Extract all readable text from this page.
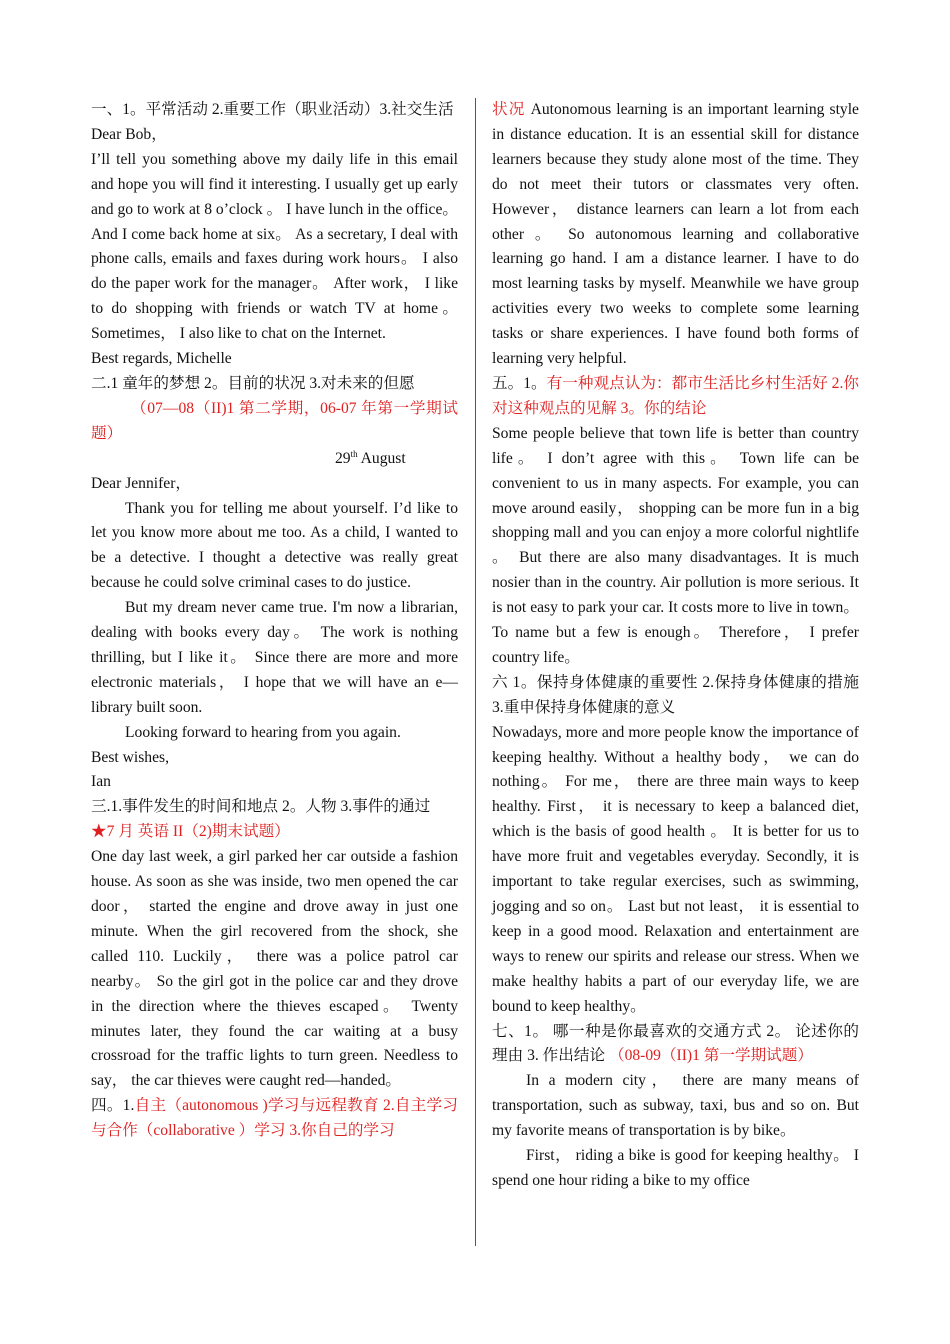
一、1。平常活动 2.重要工作（职业活动）3.社交生活

Dear Bob，

I’ll tell you something above my daily life in this email and hope you will find it interesting. I usually get up early and go to work at 8 o’clock 。 I have lunch in the office。 And I come back home at six。 As a secretary, I deal with phone calls, emails and faxes during work hours。 I also do the paper work for the manager。 After work， I like to do shopping with friends or watch TV at home。 Sometimes， I also like to chat on the Internet.

Best regards, Michelle

二.1 童年的梦想 2。目前的状况 3.对未来的但愿

（07—08（II)1 第二学期，06-07 年第一学期试题）

29th August

Dear Jennifer，

Thank you for telling me about yourself. I’d like to let you know more about me too. As a child, I wanted to be a detective. I thought a detective was really great because he could solve criminal cases to do justice.

But my dream never came true. I'm now a librarian, dealing with books every day。 The work is nothing thrilling, but I like it。 Since there are more and more electronic materials， I hope that we will have an e—library built soon.

Looking forward to hearing from you again.

Best wishes,

Ian

三.1.事件发生的时间和地点 2。人物 3.事件的通过

★7 月 英语 II（2)期末试题）

One day last week, a girl parked her car outside a fashion house. As soon as she was inside, two men opened the car door， started the engine and drove away in just one minute. When the girl recovered from the shock, she called 110. Luckily， there was a police patrol car nearby。 So the girl got in the police car and they drove in the direction where the thieves escaped。 Twenty minutes later, they found the car waiting at a busy crossroad for the traffic lights to turn green. Needless to say， the car thieves were caught red—handed。

四。1.自主（autonomous )学习与远程教育 2.自主学习与合作（collaborative ）学习 3.你自己的学习

状况 Autonomous learning is an important learning style in distance education. It is an essential skill for distance learners because they study alone most of the time. They do not meet their tutors or classmates very often. However， distance learners can learn a lot from each other 。 So autonomous learning and collaborative learning go hand. I am a distance learner. I have to do most learning tasks by myself. Meanwhile we have group activities every two weeks to complete some learning tasks or share experiences. I have found both forms of learning very helpful.

五。1。有一种观点认为：都市生活比乡村生活好 2.你对这种观点的见解 3。你的结论

Some people believe that town life is better than country life。 I don’t agree with this。 Town life can be convenient to us in many aspects. For example, you can move around easily， shopping can be more fun in a big shopping mall and you can enjoy a more colorful nightlife 。 But there are also many disadvantages. It is much nosier than in the country. Air pollution is more serious. It is not easy to park your car. It costs more to live in town。 To name but a few is enough。 Therefore， I prefer country life。

六 1。保持身体健康的重要性 2.保持身体健康的措施 3.重申保持身体健康的意义

Nowadays, more and more people know the importance of keeping healthy. Without a healthy body， we can do nothing。 For me， there are three main ways to keep healthy. First， it is necessary to keep a balanced diet, which is the basis of good health 。 It is better for us to have more fruit and vegetables everyday. Secondly, it is important to take regular exercises, such as swimming, jogging and so on。 Last but not least， it is essential to keep in a good mood. Relaxation and entertainment are ways to renew our spirits and release our stress. When we make healthy habits a part of our everyday life, we are bound to keep healthy。

七、1。 哪一种是你最喜欢的交通方式 2。 论述你的理由 3. 作出结论 （08-09（II)1 第一学期试题）

In a modern city， there are many means of transportation, such as subway, taxi, bus and so on. But my favorite means of transportation is by bike。

First， riding a bike is good for keeping healthy。 I spend one hour riding a bike to my office
